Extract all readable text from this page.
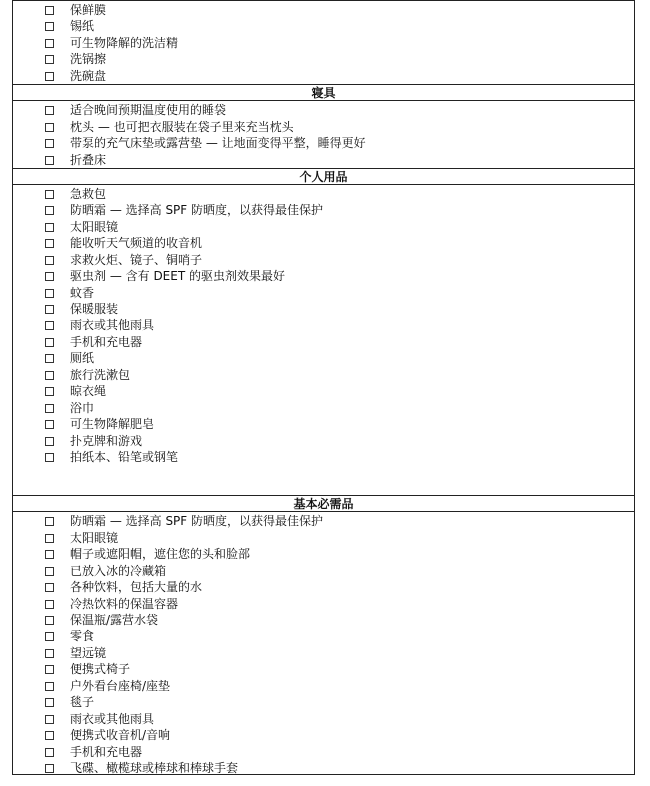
保鲜膜
锡纸
可生物降解的洗洁精
洗锅擦
洗碗盘
寝具
适合晚间预期温度使用的睡袋
枕头 — 也可把衣服装在袋子里来充当枕头
带泵的充气床垫或露营垫 — 让地面变得平整，睡得更好
折叠床
个人用品
急救包
防晒霜 — 选择高 SPF 防晒度，以获得最佳保护
太阳眼镜
能收听天气频道的收音机
求救火炬、镜子、铜哨子
驱虫剂 — 含有 DEET 的驱虫剂效果最好
蚊香
保暖服装
雨衣或其他雨具
手机和充电器
厕纸
旅行洗漱包
晾衣绳
浴巾
可生物降解肥皂
扑克牌和游戏
拍纸本、铅笔或钢笔
基本必需品
防晒霜 — 选择高 SPF 防晒度，以获得最佳保护
太阳眼镜
帽子或遮阳帽，遮住您的头和脸部
已放入冰的冷藏箱
各种饮料，包括大量的水
冷热饮料的保温容器
保温瓶/露营水袋
零食
望远镜
便携式椅子
户外看台座椅/座垫
毯子
雨衣或其他雨具
便携式收音机/音响
手机和充电器
飞碟、橄榄球或棒球和棒球手套
